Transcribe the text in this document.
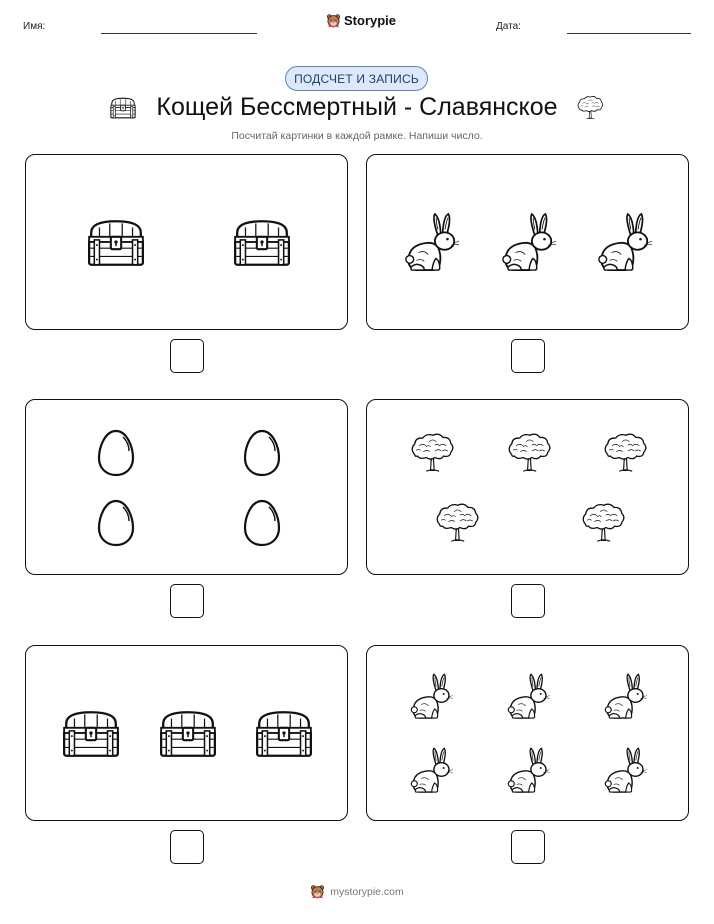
Имя:	Storypie	Дата:
ПОДСЧЕТ И ЗАПИСЬ
Кощей Бессмертный - Славянское
Посчитай картинки в каждой рамке. Напиши число.
mystorypie.com
